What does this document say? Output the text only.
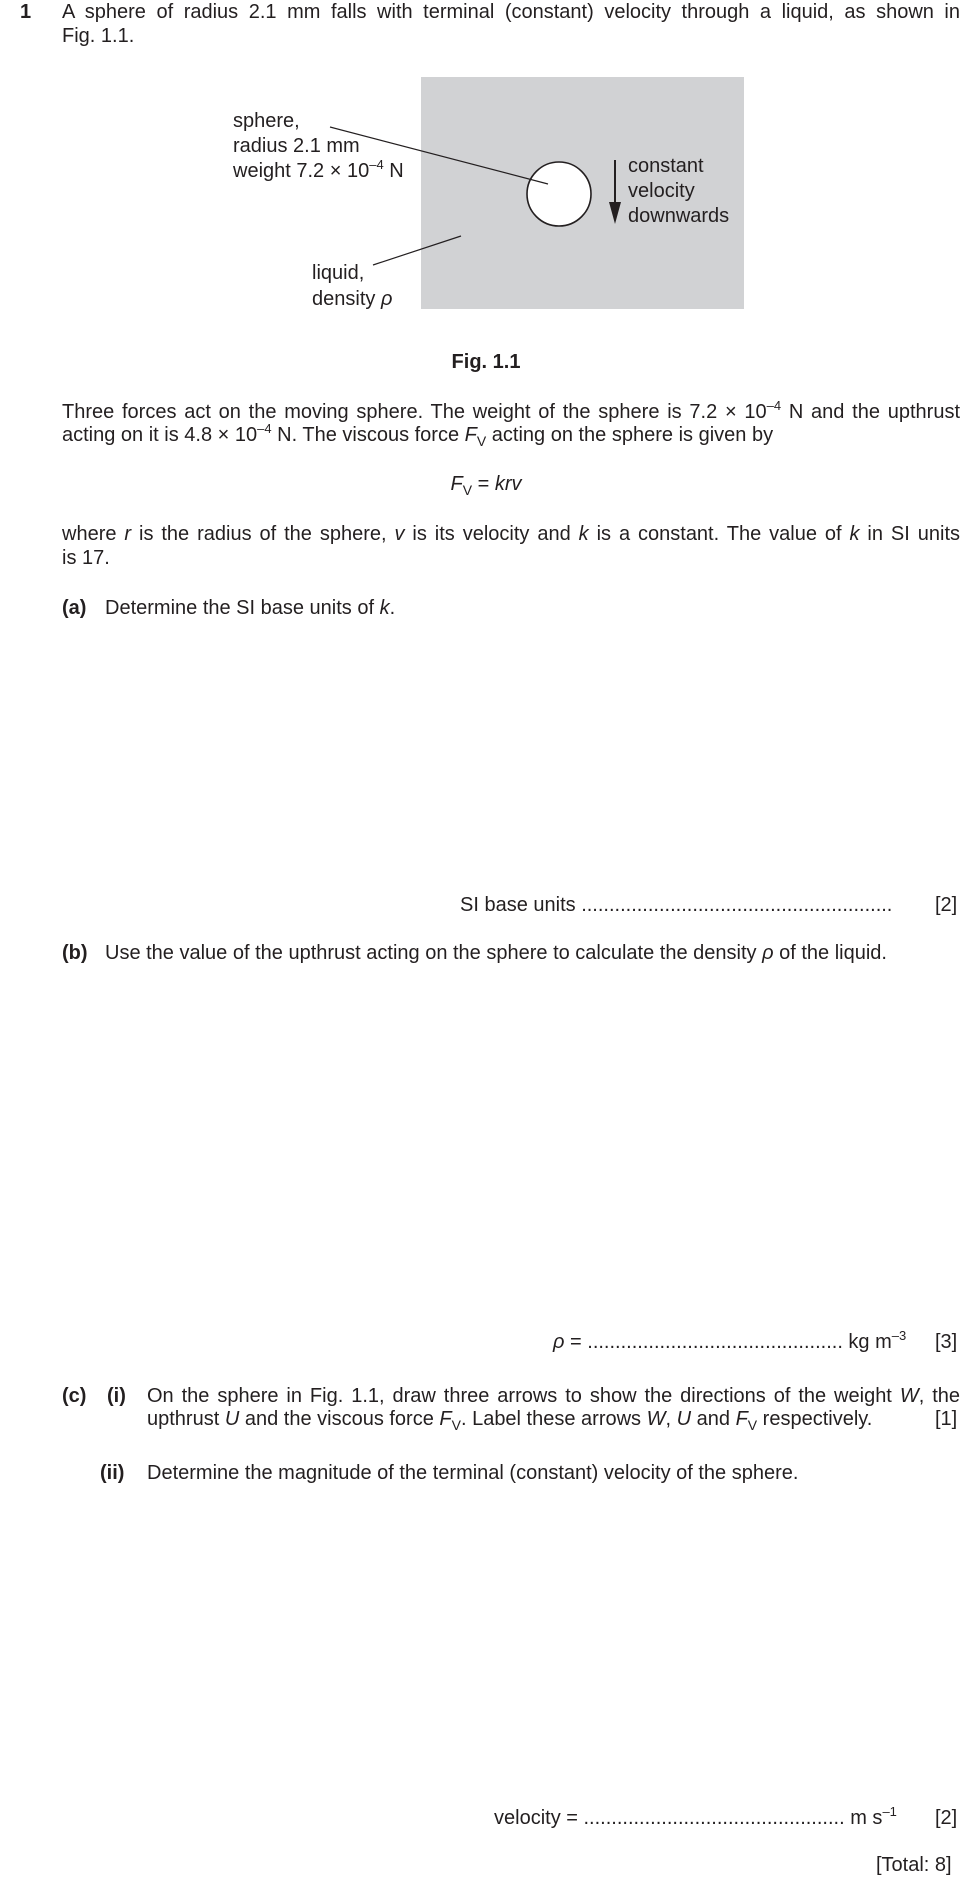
1 A sphere of radius 2.1 mm falls with terminal (constant) velocity through a liquid, as shown in
Fig. 1.1.
sphere,
radius 2.1 mm
weight $7.2 \times 10^{-4}$ N
liquid,
density ρ
constant
velocity
downwards
Fig. 1.1
Three forces act on the moving sphere. The weight of the sphere is $7.2 \times 10^{-4}$ N and the upthrust
acting on it is $4.8 \times 10^{-4}$ N. The viscous force $F_V$ acting on the sphere is given by
$F_V$ = krv
where r is the radius of the sphere, v is its velocity and k is a constant. The value of k in SI units
is 17.
(a) Determine the SI base units of k.
SI base units ........................................................ [2]
(b) Use the value of the upthrust acting on the sphere to calculate the density ρ of the liquid.
ρ = .............................................. kg $m^{-3}$ [3]
(c) (i) On the sphere in Fig. 1.1, draw three arrows to show the directions of the weight W, the
upthrust U and the viscous force $F_V$. Label these arrows W, U and $F_V$ respectively.	[1]
(ii) Determine the magnitude of the terminal (constant) velocity of the sphere.
velocity = ............................................... m $s^{-1}$ [2]
[Total: 8]
